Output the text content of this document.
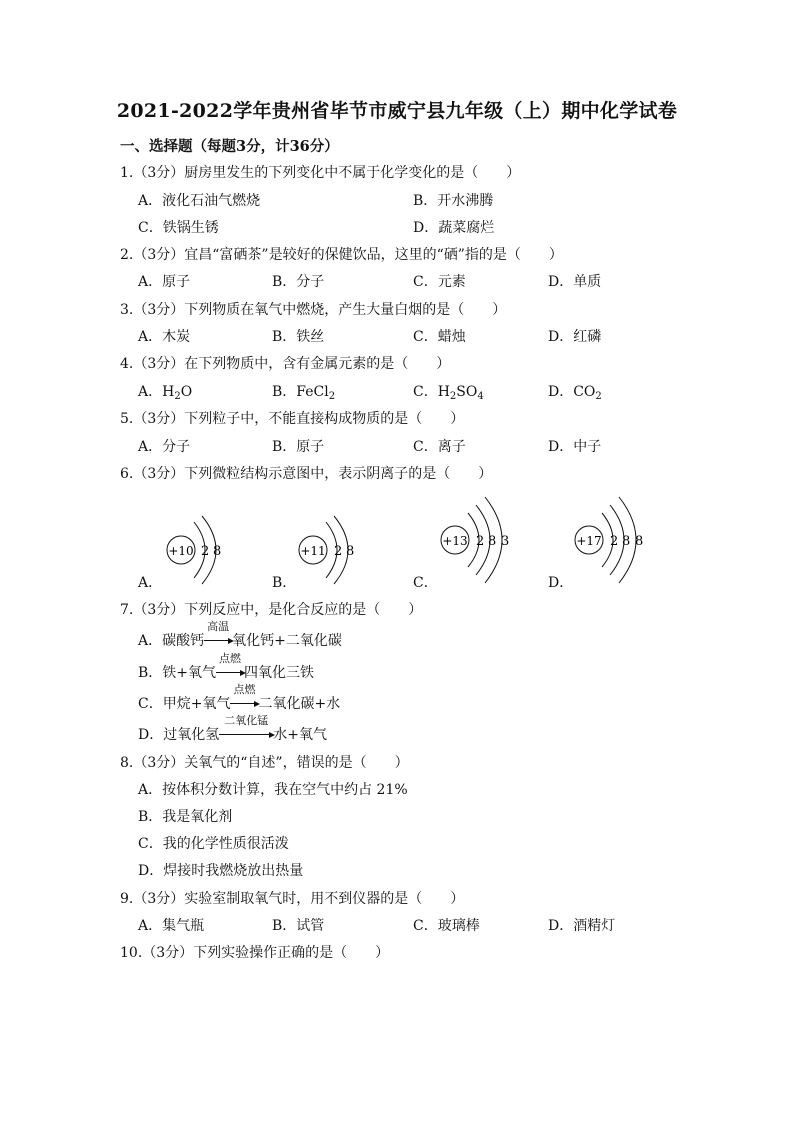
2021-2022学年贵州省毕节市威宁县九年级（上）期中化学试卷
一、选择题（每题3分，计36分）
1.（3分）厨房里发生的下列变化中不属于化学变化的是（　　）
A．液化石油气燃烧	B．开水沸腾
C．铁锅生锈	D．蔬菜腐烂
2.（3分）宜昌“富硒茶”是较好的保健饮品，这里的“硒”指的是（　　）
A．原子	B．分子	C．元素	D．单质
3.（3分）下列物质在氧气中燃烧，产生大量白烟的是（　　）
A．木炭	B．铁丝	C．蜡烛	D．红磷
4.（3分）在下列物质中，含有金属元素的是（　　）
A．$H_2O$	B．FeCl$_2$	C．$H_2SO_4$	D．$CO_2$
5.（3分）下列粒子中，不能直接构成物质的是（　　）
A．分子	B．原子	C．离子	D．中子
6.（3分）下列微粒结构示意图中，表示阴离子的是（　　）
+10 2 8	+11 2 8
+13 2 8 3	+17 2 8 8
A．	B．	C．	D．
7.（3分）下列反应中，是化合反应的是（　　）
A．碳酸钙
高温
氧化钙+二氧化碳
B．铁+氧气
点燃
四氧化三铁
C．甲烷+氧气
点燃
二氧化碳+水
D．过氧化氢
二氧化锰
水+氧气
8.（3分）关氧气的“自述”，错误的是（　　）
A．按体积分数计算，我在空气中约占 21%
B．我是氧化剂
C．我的化学性质很活泼
D．焊接时我燃烧放出热量
9.（3分）实验室制取氧气时，用不到仪器的是（　　）
A．集气瓶	B．试管	C．玻璃棒	D．酒精灯
10.（3分）下列实验操作正确的是（　　）
